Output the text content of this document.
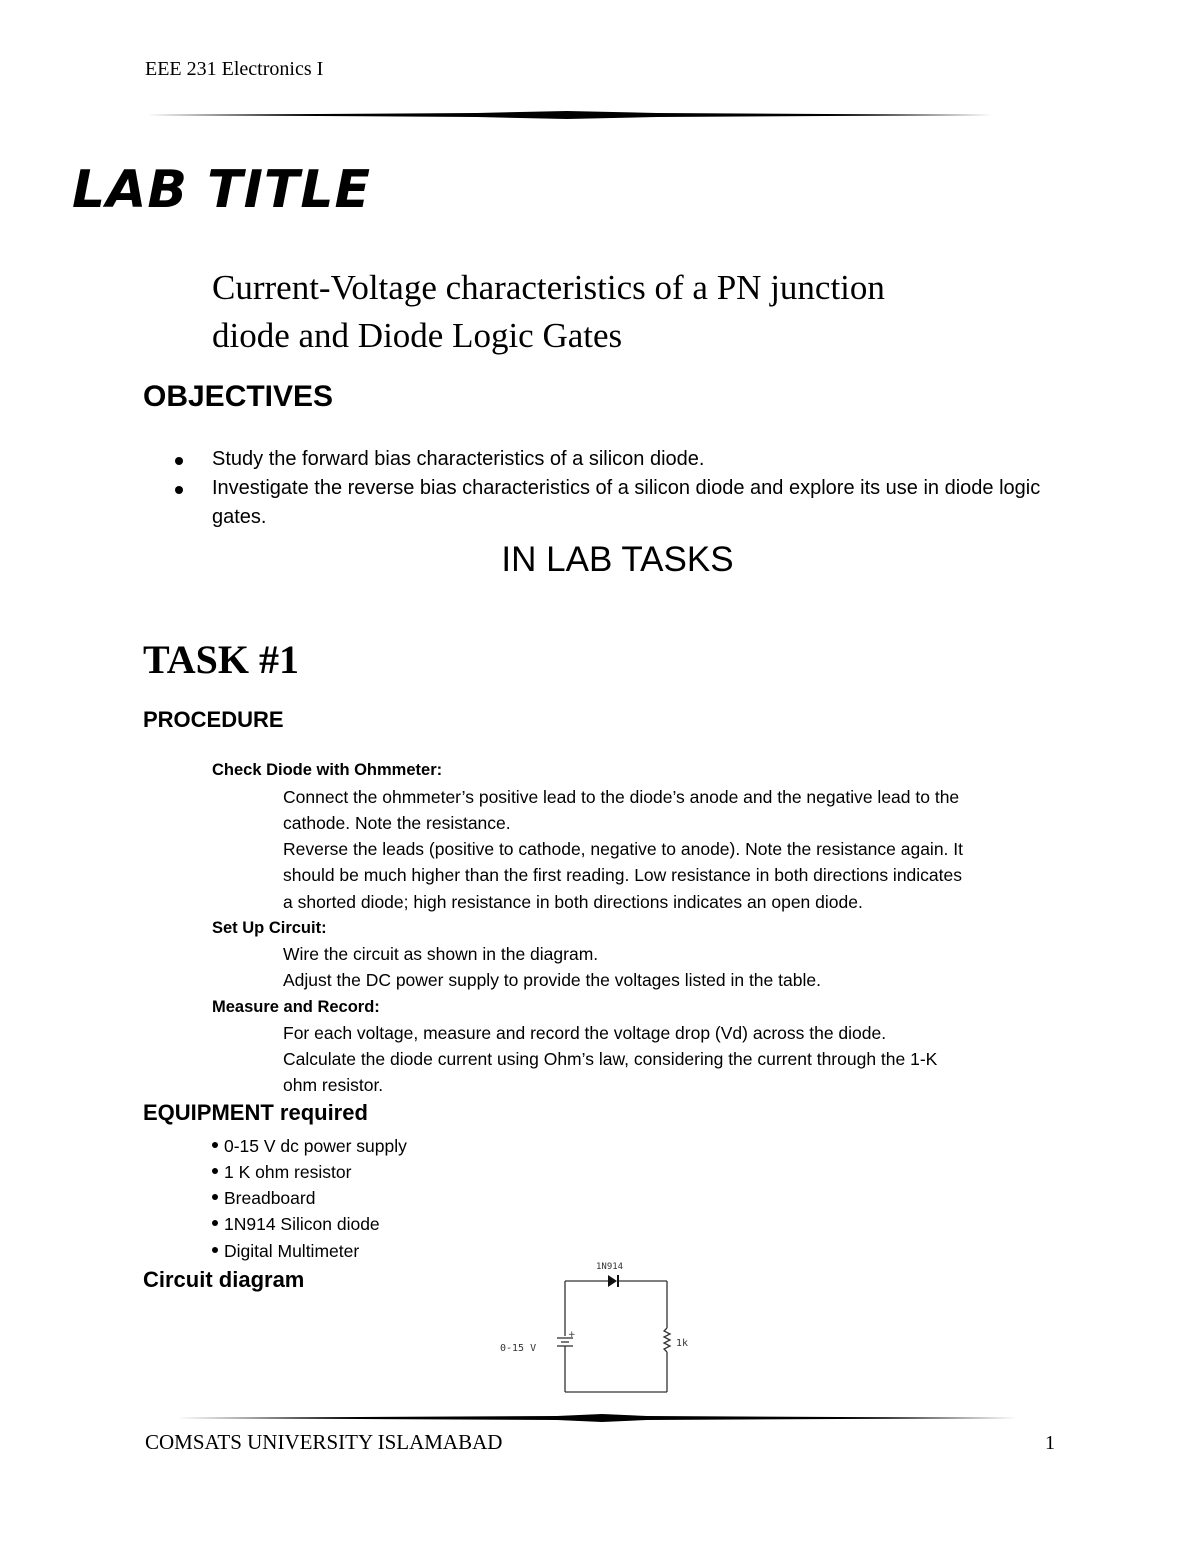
EEE 231 Electronics I
LAB TITLE
Current-Voltage characteristics of a PN junction
diode and Diode Logic Gates
OBJECTIVES
Study the forward bias characteristics of a silicon diode.
Investigate the reverse bias characteristics of a silicon diode and explore its use in diode logic gates.
IN LAB TASKS
TASK #1
PROCEDURE
Check Diode with Ohmmeter:
Connect the ohmmeter’s positive lead to the diode’s anode and the negative lead to the
cathode. Note the resistance.
Reverse the leads (positive to cathode, negative to anode). Note the resistance again. It
should be much higher than the first reading. Low resistance in both directions indicates
a shorted diode; high resistance in both directions indicates an open diode.
Set Up Circuit:
Wire the circuit as shown in the diagram.
Adjust the DC power supply to provide the voltages listed in the table.
Measure and Record:
For each voltage, measure and record the voltage drop (Vd) across the diode.
Calculate the diode current using Ohm’s law, considering the current through the 1-K
ohm resistor.
EQUIPMENT required
0-15 V dc power supply
1 K ohm resistor
Breadboard
1N914 Silicon diode
Digital Multimeter
Circuit diagram	1N914
0-15 V	1k
+
COMSATS UNIVERSITY ISLAMABAD	1
